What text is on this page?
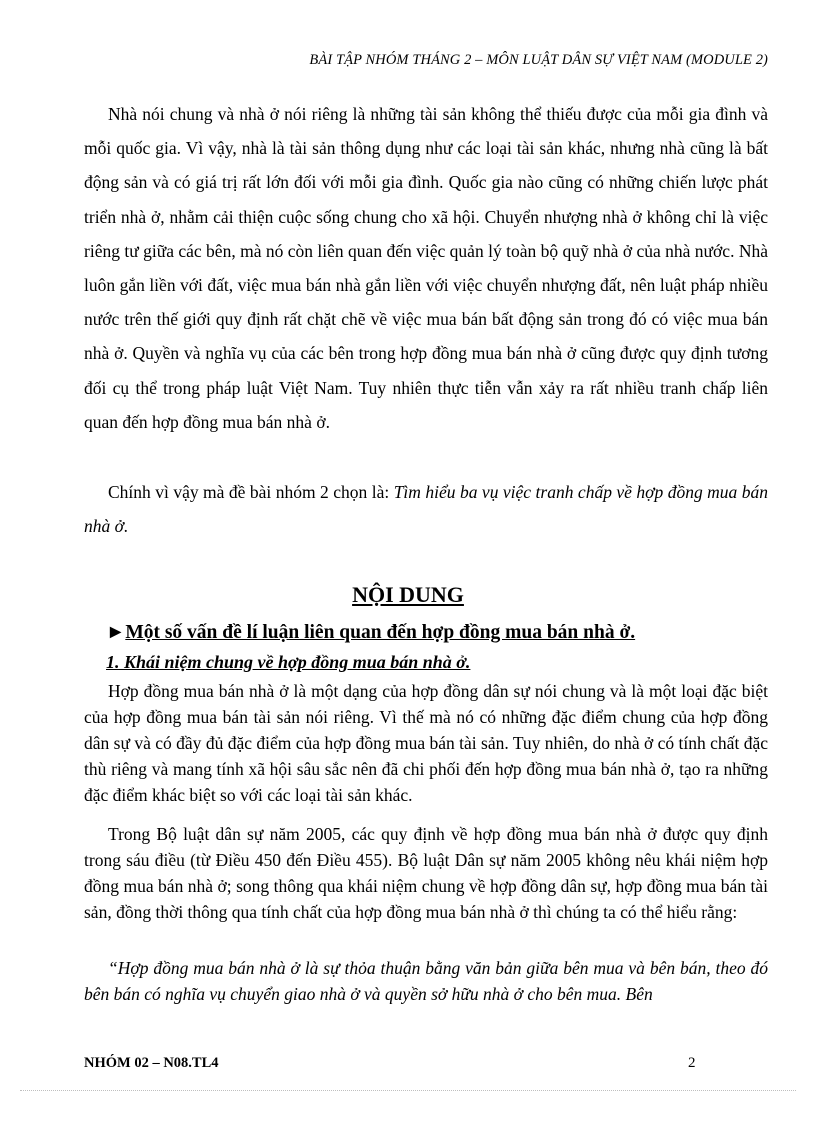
BÀI TẬP NHÓM THÁNG 2 – MÔN LUẬT DÂN SỰ VIỆT NAM (MODULE 2)

Nhà nói chung và nhà ở nói riêng là những tài sản không thể thiếu được của mỗi gia đình và mỗi quốc gia. Vì vậy, nhà là tài sản thông dụng như các loại tài sản khác, nhưng nhà cũng là bất động sản và có giá trị rất lớn đối với mỗi gia đình. Quốc gia nào cũng có những chiến lược phát triển nhà ở, nhằm cải thiện cuộc sống chung cho xã hội. Chuyển nhượng nhà ở không chỉ là việc riêng tư giữa các bên, mà nó còn liên quan đến việc quản lý toàn bộ quỹ nhà ở của nhà nước. Nhà luôn gắn liền với đất, việc mua bán nhà gắn liền với việc chuyển nhượng đất, nên luật pháp nhiều nước trên thế giới quy định rất chặt chẽ về việc mua bán bất động sản trong đó có việc mua bán nhà ở. Quyền và nghĩa vụ của các bên trong hợp đồng mua bán nhà ở cũng được quy định tương đối cụ thể trong pháp luật Việt Nam. Tuy nhiên thực tiễn vẫn xảy ra rất nhiều tranh chấp liên quan đến hợp đồng mua bán nhà ở.

Chính vì vậy mà đề bài nhóm 2 chọn là: Tìm hiểu ba vụ việc tranh chấp về hợp đồng mua bán nhà ở.

NỘI DUNG
►Một số vấn đề lí luận liên quan đến hợp đồng mua bán nhà ở.
1. Khái niệm chung về hợp đồng mua bán nhà ở.

Hợp đồng mua bán nhà ở là một dạng của hợp đồng dân sự nói chung và là một loại đặc biệt của hợp đồng mua bán tài sản nói riêng. Vì thế mà nó có những đặc điểm chung của hợp đồng dân sự và có đầy đủ đặc điểm của hợp đồng mua bán tài sản. Tuy nhiên, do nhà ở có tính chất đặc thù riêng và mang tính xã hội sâu sắc nên đã chi phối đến hợp đồng mua bán nhà ở, tạo ra những đặc điểm khác biệt so với các loại tài sản khác.

Trong Bộ luật dân sự năm 2005, các quy định về hợp đồng mua bán nhà ở được quy định trong sáu điều (từ Điều 450 đến Điều 455). Bộ luật Dân sự năm 2005 không nêu khái niệm hợp đồng mua bán nhà ở; song thông qua khái niệm chung về hợp đồng dân sự, hợp đồng mua bán tài sản, đồng thời thông qua tính chất của hợp đồng mua bán nhà ở thì chúng ta có thể hiểu rằng:

“Hợp đồng mua bán nhà ở là sự thỏa thuận bằng văn bản giữa bên mua và bên bán, theo đó bên bán có nghĩa vụ chuyển giao nhà ở và quyền sở hữu nhà ở cho bên mua. Bên

NHÓM 02 – N08.TL4	2
